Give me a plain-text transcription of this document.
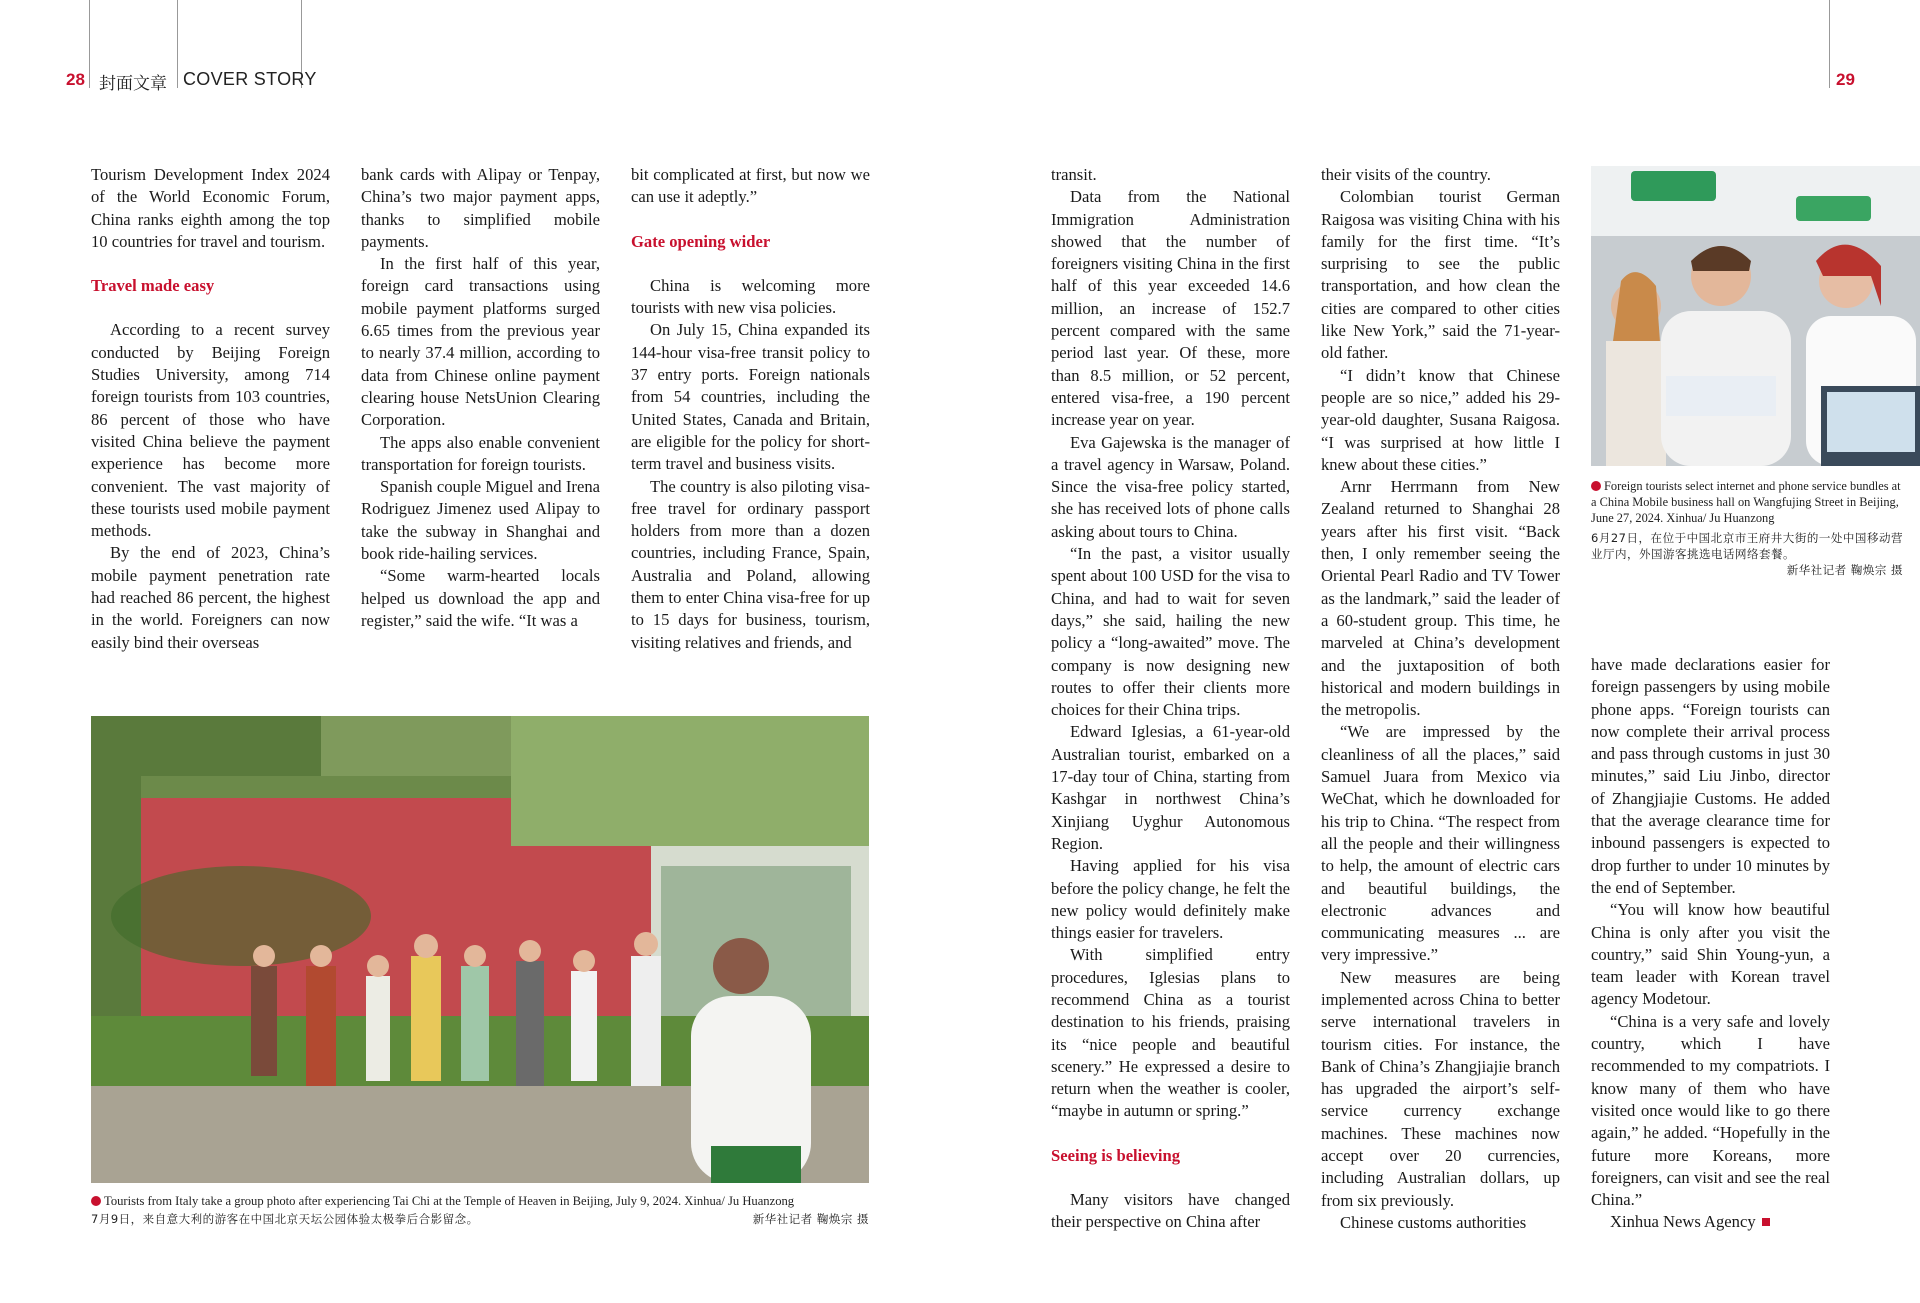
28 封面文章 COVER STORY	29

Tourism Development Index 2024 of the World Economic Forum, China ranks eighth among the top 10 countries for travel and tourism.

Travel made easy

According to a recent survey conducted by Beijing Foreign Studies University, among 714 foreign tourists from 103 countries, 86 percent of those who have visited China believe the payment experience has become more convenient. The vast majority of these tourists used mobile payment methods.

By the end of 2023, China’s mobile payment penetration rate had reached 86 percent, the highest in the world. Foreigners can now easily bind their overseas

bank cards with Alipay or Tenpay, China’s two major payment apps, thanks to simplified mobile payments.

In the first half of this year, foreign card transactions using mobile payment platforms surged 6.65 times from the previous year to nearly 37.4 million, according to data from Chinese online payment clearing house NetsUnion Clearing Corporation.

The apps also enable convenient transportation for foreign tourists.

Spanish couple Miguel and Irena Rodriguez Jimenez used Alipay to take the subway in Shanghai and book ride-hailing services.

“Some warm-hearted locals helped us download the app and register,” said the wife. “It was a

bit complicated at first, but now we can use it adeptly.”

Gate opening wider

China is welcoming more tourists with new visa policies.

On July 15, China expanded its 144-hour visa-free transit policy to 37 entry ports. Foreign nationals from 54 countries, including the United States, Canada and Britain, are eligible for the policy for short-term travel and business visits.

The country is also piloting visa-free travel for ordinary passport holders from more than a dozen countries, including France, Spain, Australia and Poland, allowing them to enter China visa-free for up to 15 days for business, tourism, visiting relatives and friends, and

Tourists from Italy take a group photo after experiencing Tai Chi at the Temple of Heaven in Beijing, July 9, 2024. Xinhua/ Ju Huanzong
7月9日，来自意大利的游客在中国北京天坛公园体验太极拳后合影留念。	新华社记者 鞠焕宗 摄

transit.

Data from the National Immigration Administration showed that the number of foreigners visiting China in the first half of this year exceeded 14.6 million, an increase of 152.7 percent compared with the same period last year. Of these, more than 8.5 million, or 52 percent, entered visa-free, a 190 percent increase year on year.

Eva Gajewska is the manager of a travel agency in Warsaw, Poland. Since the visa-free policy started, she has received lots of phone calls asking about tours to China.

“In the past, a visitor usually spent about 100 USD for the visa to China, and had to wait for seven days,” she said, hailing the new policy a “long-awaited” move. The company is now designing new routes to offer their clients more choices for their China trips.

Edward Iglesias, a 61-year-old Australian tourist, embarked on a 17-day tour of China, starting from Kashgar in northwest China’s Xinjiang Uyghur Autonomous Region.

Having applied for his visa before the policy change, he felt the new policy would definitely make things easier for travelers.

With simplified entry procedures, Iglesias plans to recommend China as a tourist destination to his friends, praising its “nice people and beautiful scenery.” He expressed a desire to return when the weather is cooler, “maybe in autumn or spring.”

Seeing is believing

Many visitors have changed their perspective on China after

their visits of the country.

Colombian tourist German Raigosa was visiting China with his family for the first time. “It’s surprising to see the public transportation, and how clean the cities are compared to other cities like New York,” said the 71-year-old father.

“I didn’t know that Chinese people are so nice,” added his 29-year-old daughter, Susana Raigosa. “I was surprised at how little I knew about these cities.”

Arnr Herrmann from New Zealand returned to Shanghai 28 years after his first visit. “Back then, I only remember seeing the Oriental Pearl Radio and TV Tower as the landmark,” said the leader of a 60-student group. This time, he marveled at China’s development and the juxtaposition of both historical and modern buildings in the metropolis.

“We are impressed by the cleanliness of all the places,” said Samuel Juara from Mexico via WeChat, which he downloaded for his trip to China. “The respect from all the people and their willingness to help, the amount of electric cars and beautiful buildings, the electronic advances and communicating measures ... are very impressive.”

New measures are being implemented across China to better serve international travelers in tourism cities. For instance, the Bank of China’s Zhangjiajie branch has upgraded the airport’s self-service currency exchange machines. These machines now accept over 20 currencies, including Australian dollars, up from six previously.

Chinese customs authorities

Foreign tourists select internet and phone service bundles at a China Mobile business hall on Wangfujing Street in Beijing, June 27, 2024. Xinhua/ Ju Huanzong
6月27日，在位于中国北京市王府井大街的一处中国移动营业厅内，外国游客挑选电话网络套餐。
新华社记者 鞠焕宗 摄

have made declarations easier for foreign passengers by using mobile phone apps. “Foreign tourists can now complete their arrival process and pass through customs in just 30 minutes,” said Liu Jinbo, director of Zhangjiajie Customs. He added that the average clearance time for inbound passengers is expected to drop further to under 10 minutes by the end of September.

“You will know how beautiful China is only after you visit the country,” said Shin Young-yun, a team leader with Korean travel agency Modetour.

“China is a very safe and lovely country, which I have recommended to my compatriots. I know many of them who have visited once would like to go there again,” he added. “Hopefully in the future more Koreans, more foreigners, can visit and see the real China.”

Xinhua News Agency
